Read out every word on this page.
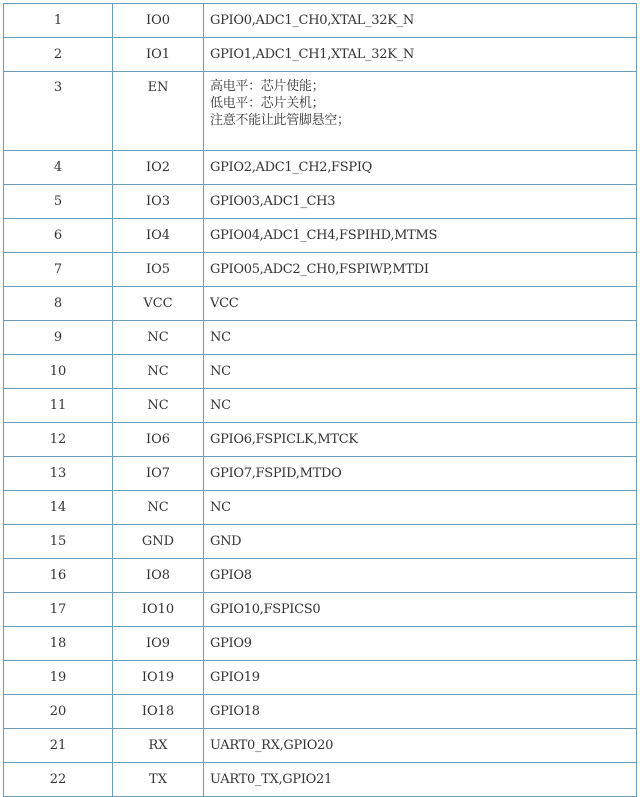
1	IO0	GPIO0,ADC1_CH0,XTAL_32K_N
2	IO1	GPIO1,ADC1_CH1,XTAL_32K_N
3	EN	高电平：芯片使能；
低电平：芯片关机；
注意不能让此管脚悬空；

4	IO2	GPIO2,ADC1_CH2,FSPIQ
5	IO3	GPIO03,ADC1_CH3
6	IO4	GPIO04,ADC1_CH4,FSPIHD,MTMS
7	IO5	GPIO05,ADC2_CH0,FSPIWP,MTDI
8	VCC	VCC
9	NC	NC
10	NC	NC
11	NC	NC
12	IO6	GPIO6,FSPICLK,MTCK
13	IO7	GPIO7,FSPID,MTDO
14	NC	NC
15	GND	GND
16	IO8	GPIO8
17	IO10	GPIO10,FSPICS0
18	IO9	GPIO9
19	IO19	GPIO19
20	IO18	GPIO18
21	RX	UART0_RX,GPIO20
22	TX	UART0_TX,GPIO21
